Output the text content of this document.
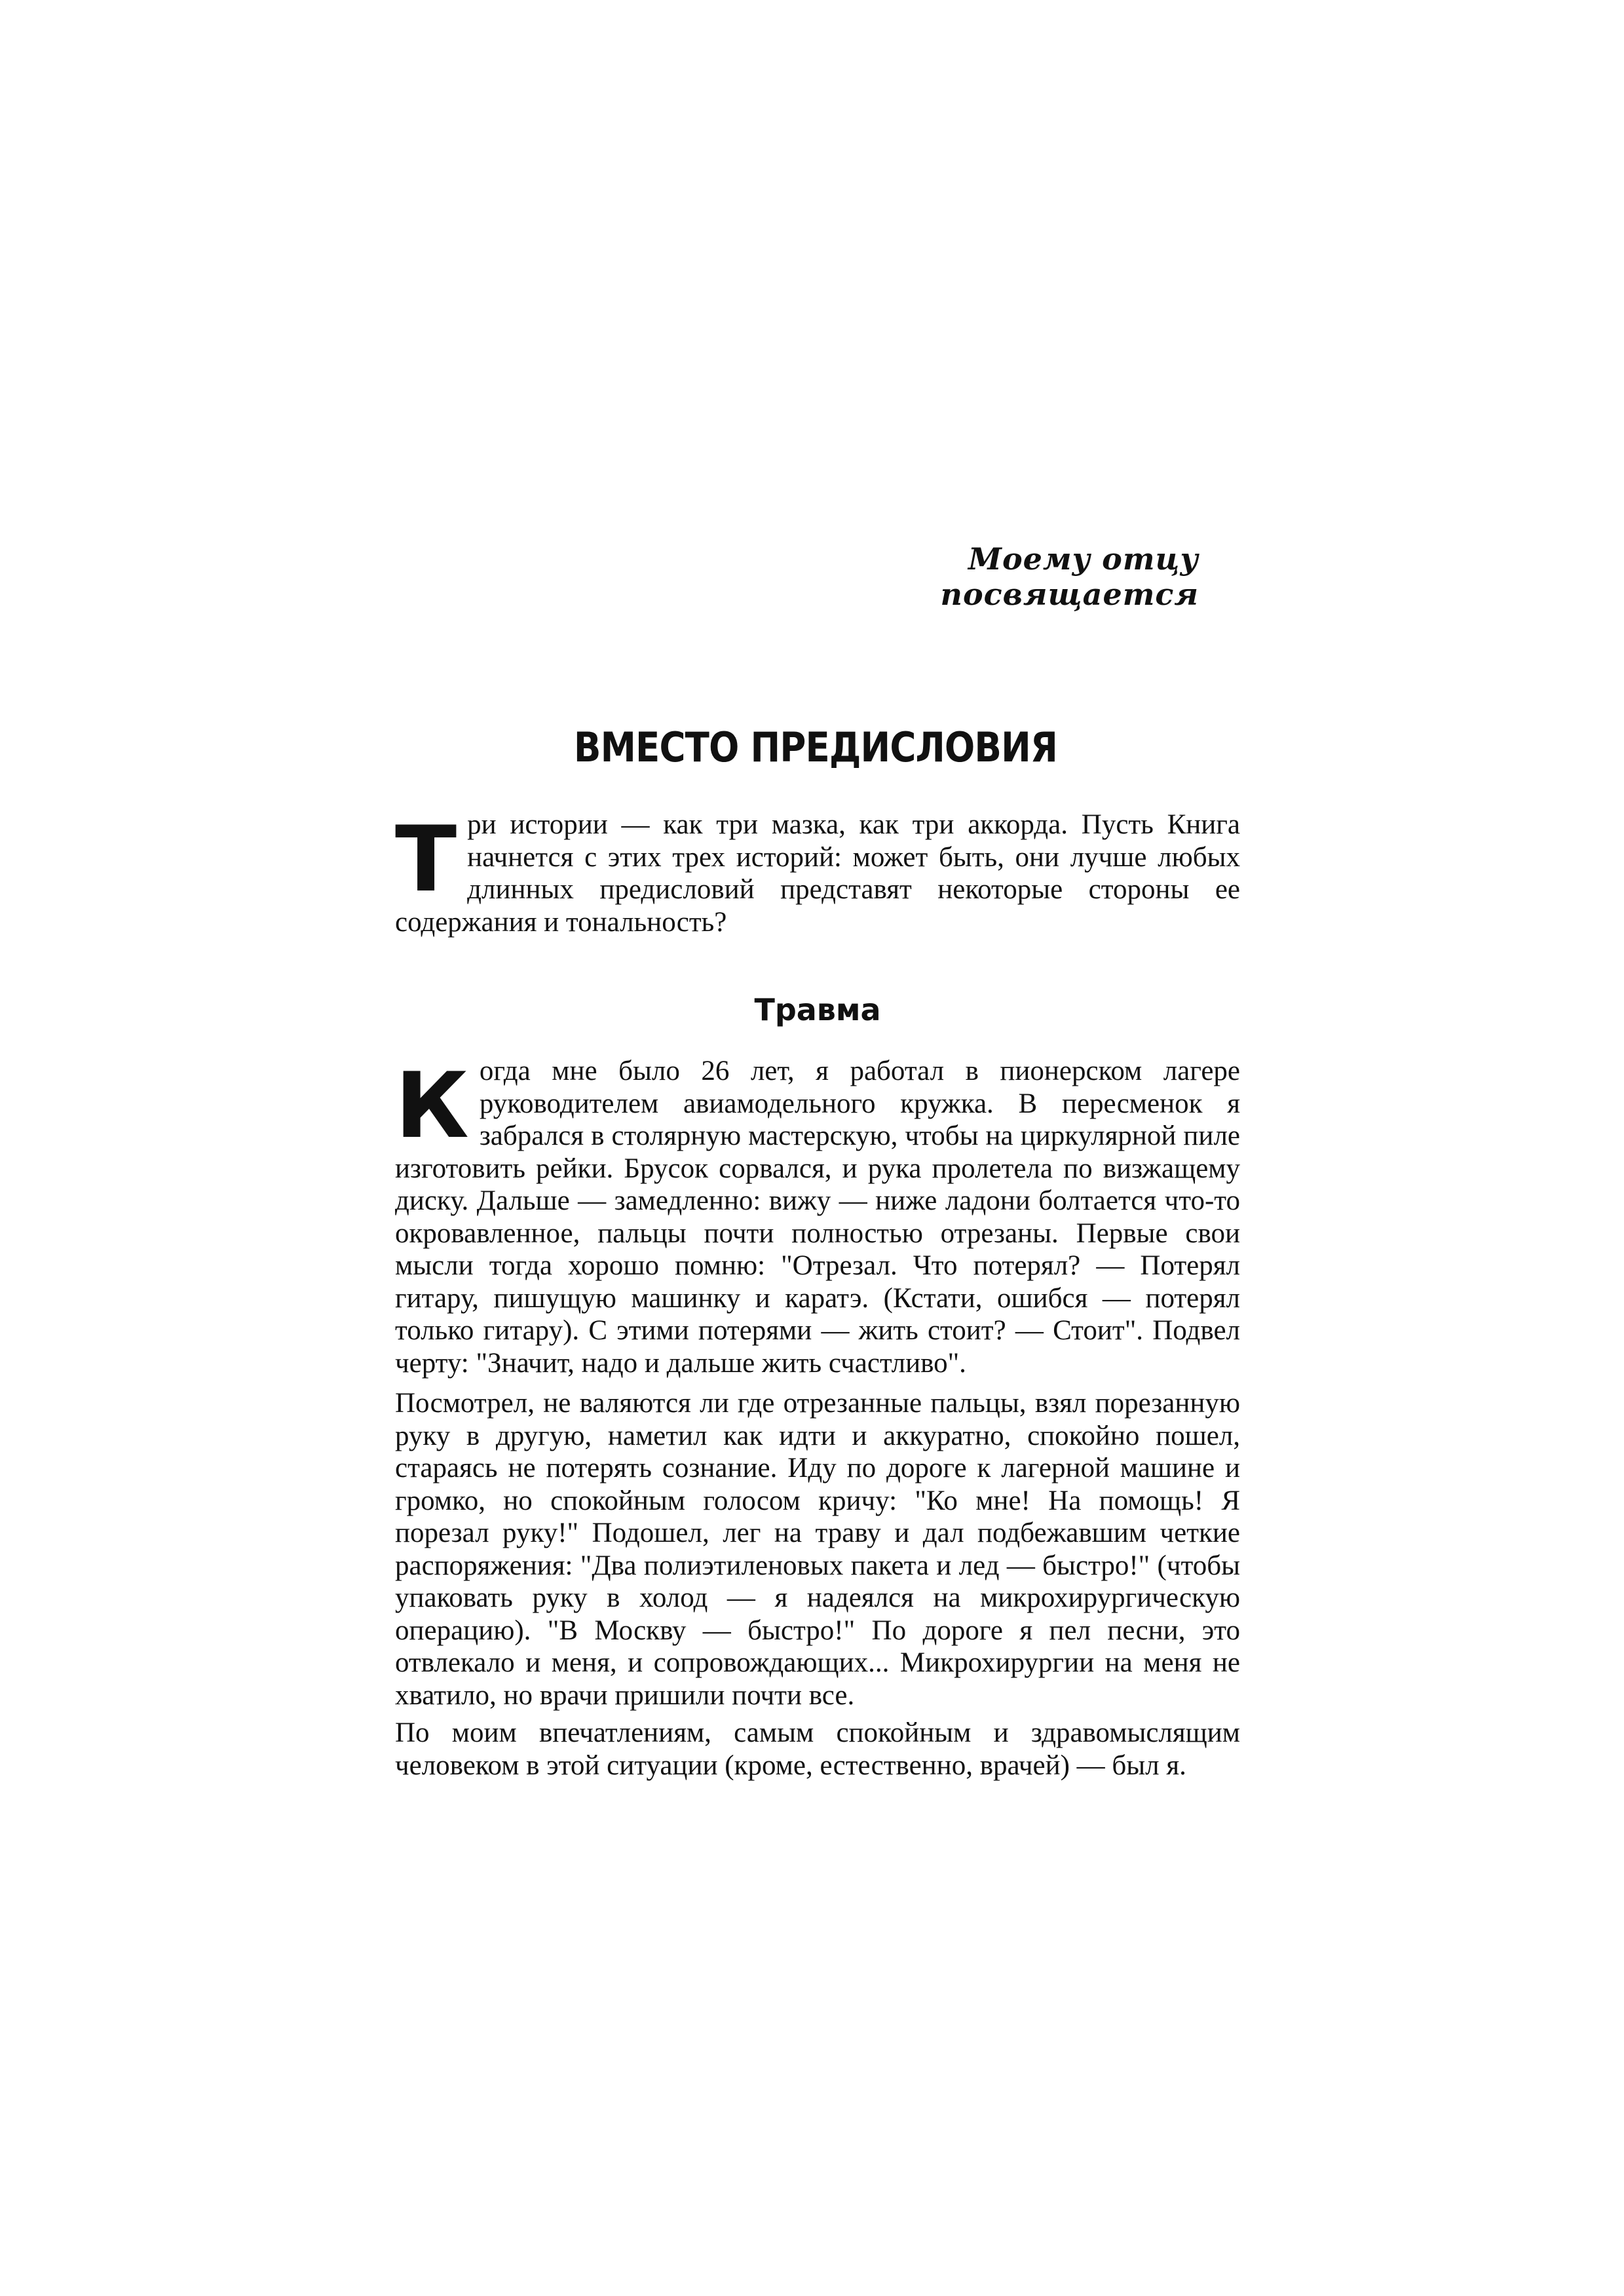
Моему отцу посвящается
ВМЕСТО ПРЕДИСЛОВИЯ

Т ри истории — как три мазка, как три аккорда. Пусть Книга начнется с этих трех историй: может быть, они лучше любых длинных предисловий представят некоторые стороны ее содержания и тональность?

Травма

К огда мне было 26 лет, я работал в пионерском лагере руководителем авиамодельного кружка. В пересменок я забрался в столярную мастерскую, чтобы на циркулярной пиле изготовить рейки. Брусок сорвался, и рука пролетела по визжащему диску. Дальше — замедленно: вижу — ниже ладони болтается что-то окровавленное, пальцы почти полностью отрезаны. Первые свои мысли тогда хорошо помню: "Отрезал. Что потерял? — Потерял гитару, пишущую машинку и каратэ. (Кстати, ошибся — потерял только гитару). С этими потерями — жить стоит? — Стоит". Подвел черту: "Значит, надо и дальше жить счастливо".

Посмотрел, не валяются ли где отрезанные пальцы, взял порезанную руку в другую, наметил как идти и аккуратно, спокойно пошел, стараясь не потерять сознание. Иду по дороге к лагерной машине и громко, но спокойным голосом кричу: "Ко мне! На помощь! Я порезал руку!" Подошел, лег на траву и дал подбежавшим четкие распоряжения: "Два полиэтиленовых пакета и лед — быстро!" (чтобы упаковать руку в холод — я надеялся на микрохирургическую операцию). "В Москву — быстро!" По дороге я пел песни, это отвлекало и меня, и сопровождающих... Микрохирургии на меня не хватило, но врачи пришили почти все.

По моим впечатлениям, самым спокойным и здравомыслящим человеком в этой ситуации (кроме, естественно, врачей) — был я.
